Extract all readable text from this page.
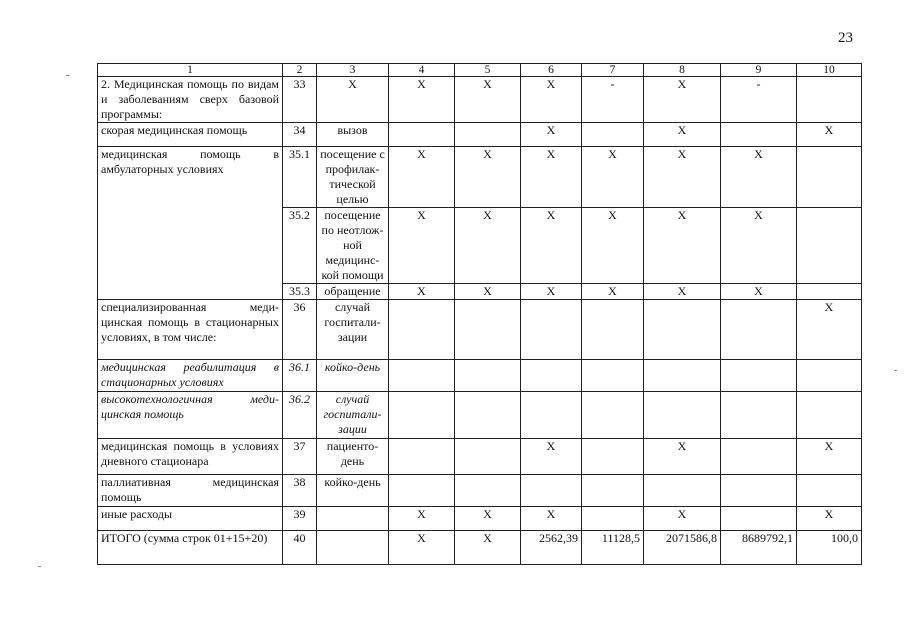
23
1	2	3	4	5	6	7	8	9	10
2. Медицинская помощь по видам и заболеваниям сверх базовой программы:	33	Х	Х	Х	Х	-	Х	-	
скорая медицинская помощь	34	вызов			Х		Х		Х
медицинская помощь в амбулаторных условиях	35.1	посещение с профилак-тической целью	Х	Х	Х	Х	Х	Х	
	35.2	посещение по неотлож-ной медицинс-кой помощи	Х	Х	Х	Х	Х	Х	
	35.3	обращение	Х	Х	Х	Х	Х	Х	
специализированная меди-цинская помощь в стационарных условиях, в том числе:	36	случай госпитали-зации							Х
медицинская реабилитация в стационарных условиях	36.1	койко-день							
высокотехнологичная меди-цинская помощь	36.2	случай госпитали-зации							
медицинская помощь в условиях дневного стационара	37	пациенто-день			Х		Х		Х
паллиативная медицинская помощь	38	койко-день							
иные расходы	39		Х	Х	Х		Х		Х
ИТОГО (сумма строк 01+15+20)	40		Х	Х	2562,39	11128,5	2071586,8	8689792,1	100,0
